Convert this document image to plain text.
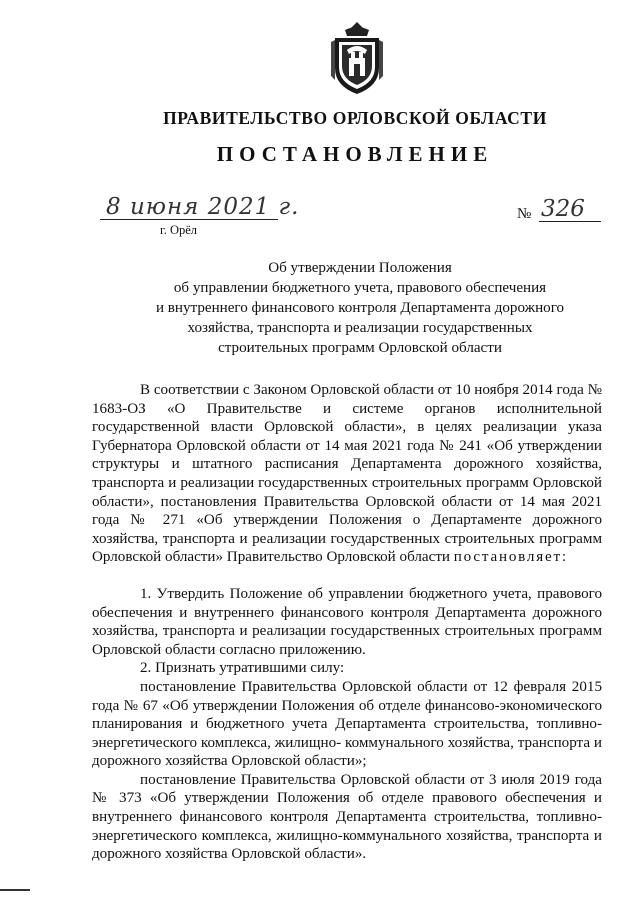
ПРАВИТЕЛЬСТВО ОРЛОВСКОЙ ОБЛАСТИ
ПОСТАНОВЛЕНИЕ
8 июня 2021 г.
г. Орёл
№ 326
Об утверждении Положения
об управлении бюджетного учета, правового обеспечения
и внутреннего финансового контроля Департамента дорожного
хозяйства, транспорта и реализации государственных
строительных программ Орловской области

В соответствии с Законом Орловской области от 10 ноября 2014 года № 1683-ОЗ «О Правительстве и системе органов исполнительной государственной власти Орловской области», в целях реализации указа Губернатора Орловской области от 14 мая 2021 года № 241 «Об утверждении структуры и штатного расписания Департамента дорожного хозяйства, транспорта и реализации государственных строительных программ Орловской области», постановления Правительства Орловской области от 14 мая 2021 года № 271 «Об утверждении Положения о Департаменте дорожного хозяйства, транспорта и реализации государственных строительных программ Орловской области» Правительство Орловской области постановляет:

1. Утвердить Положение об управлении бюджетного учета, правового обеспечения и внутреннего финансового контроля Департамента дорожного хозяйства, транспорта и реализации государственных строительных программ Орловской области согласно приложению.

2. Признать утратившими силу:

постановление Правительства Орловской области от 12 февраля 2015 года № 67 «Об утверждении Положения об отделе финансово-экономического планирования и бюджетного учета Департамента строительства, топливно-энергетического комплекса, жилищно- коммунального хозяйства, транспорта и дорожного хозяйства Орловской области»;

постановление Правительства Орловской области от 3 июля 2019 года № 373 «Об утверждении Положения об отделе правового обеспечения и внутреннего финансового контроля Департамента строительства, топливно-энергетического комплекса, жилищно-коммунального хозяйства, транспорта и дорожного хозяйства Орловской области».
